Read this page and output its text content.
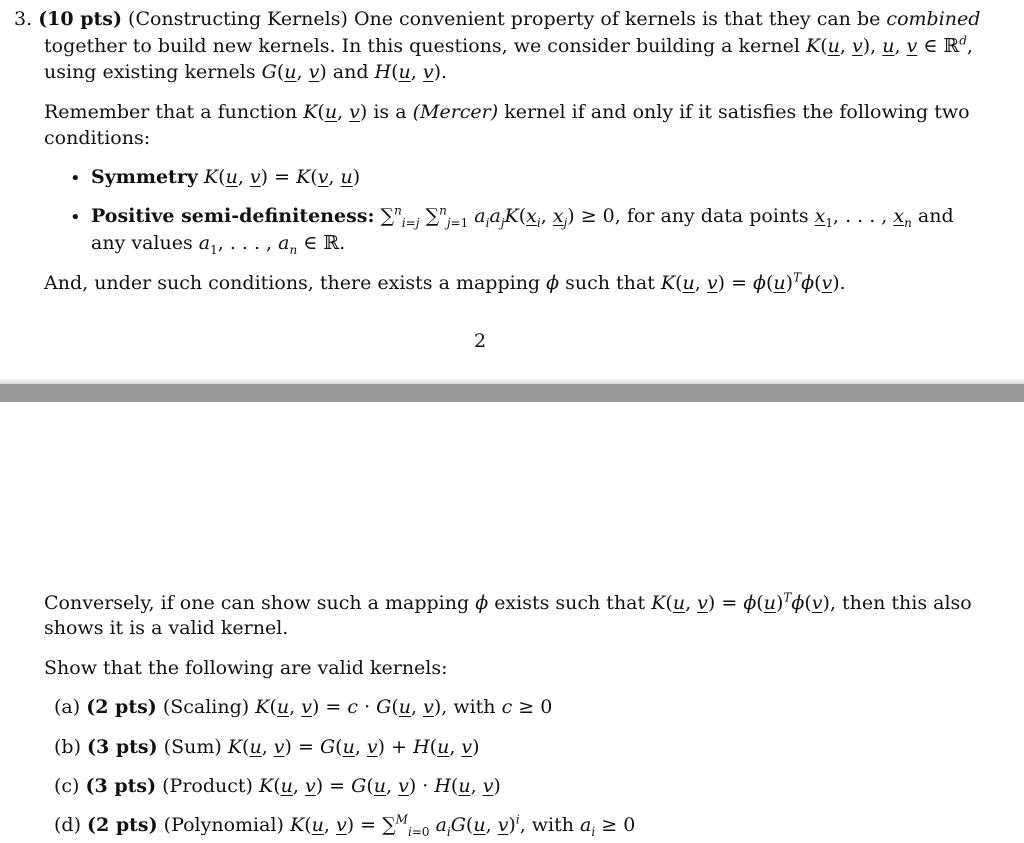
3. (10 pts) (Constructing Kernels) One convenient property of kernels is that they can be combined
together to build new kernels. In this questions, we consider building a kernel K(u, v), u, v ∈ ℝ$^d$,
using existing kernels G(u, v) and H(u, v).
Remember that a function K(u, v) is a (Mercer) kernel if and only if it satisfies the following two
conditions:
• Symmetry K(u, v) = K(v, u)
• Positive semi-definiteness: ∑$^n_{i=j}$ ∑$^n_{j=1}$ $a_ia_jK(x_i$, $x_j) \ge 0$, for any data points $x_1$, . . . , $x_n$ and
any values $a_1$, . . . , $a_n$ ∈ ℝ.
And, under such conditions, there exists a mapping ϕ such that K(u, $v) = \phi(u)^T\phi(v)$.
2
Conversely, if one can show such a mapping ϕ exists such that K(u, $v) = \phi(u)^T\phi(v)$, then this also
shows it is a valid kernel.
Show that the following are valid kernels:
(a) (2 pts) (Scaling) K(u, v) = c · G(u, v), with c ≥ 0
(b) (3 pts) (Sum) K(u, v) = G(u, v) + H(u, v)
(c) (3 pts) (Product) K(u, v) = G(u, v) · H(u, v)
(d) (2 pts) (Polynomial) K(u, v) = ∑$^M_{i=0}$ $a_iG(u$, v)$^i$, with $a_i \ge 0$
